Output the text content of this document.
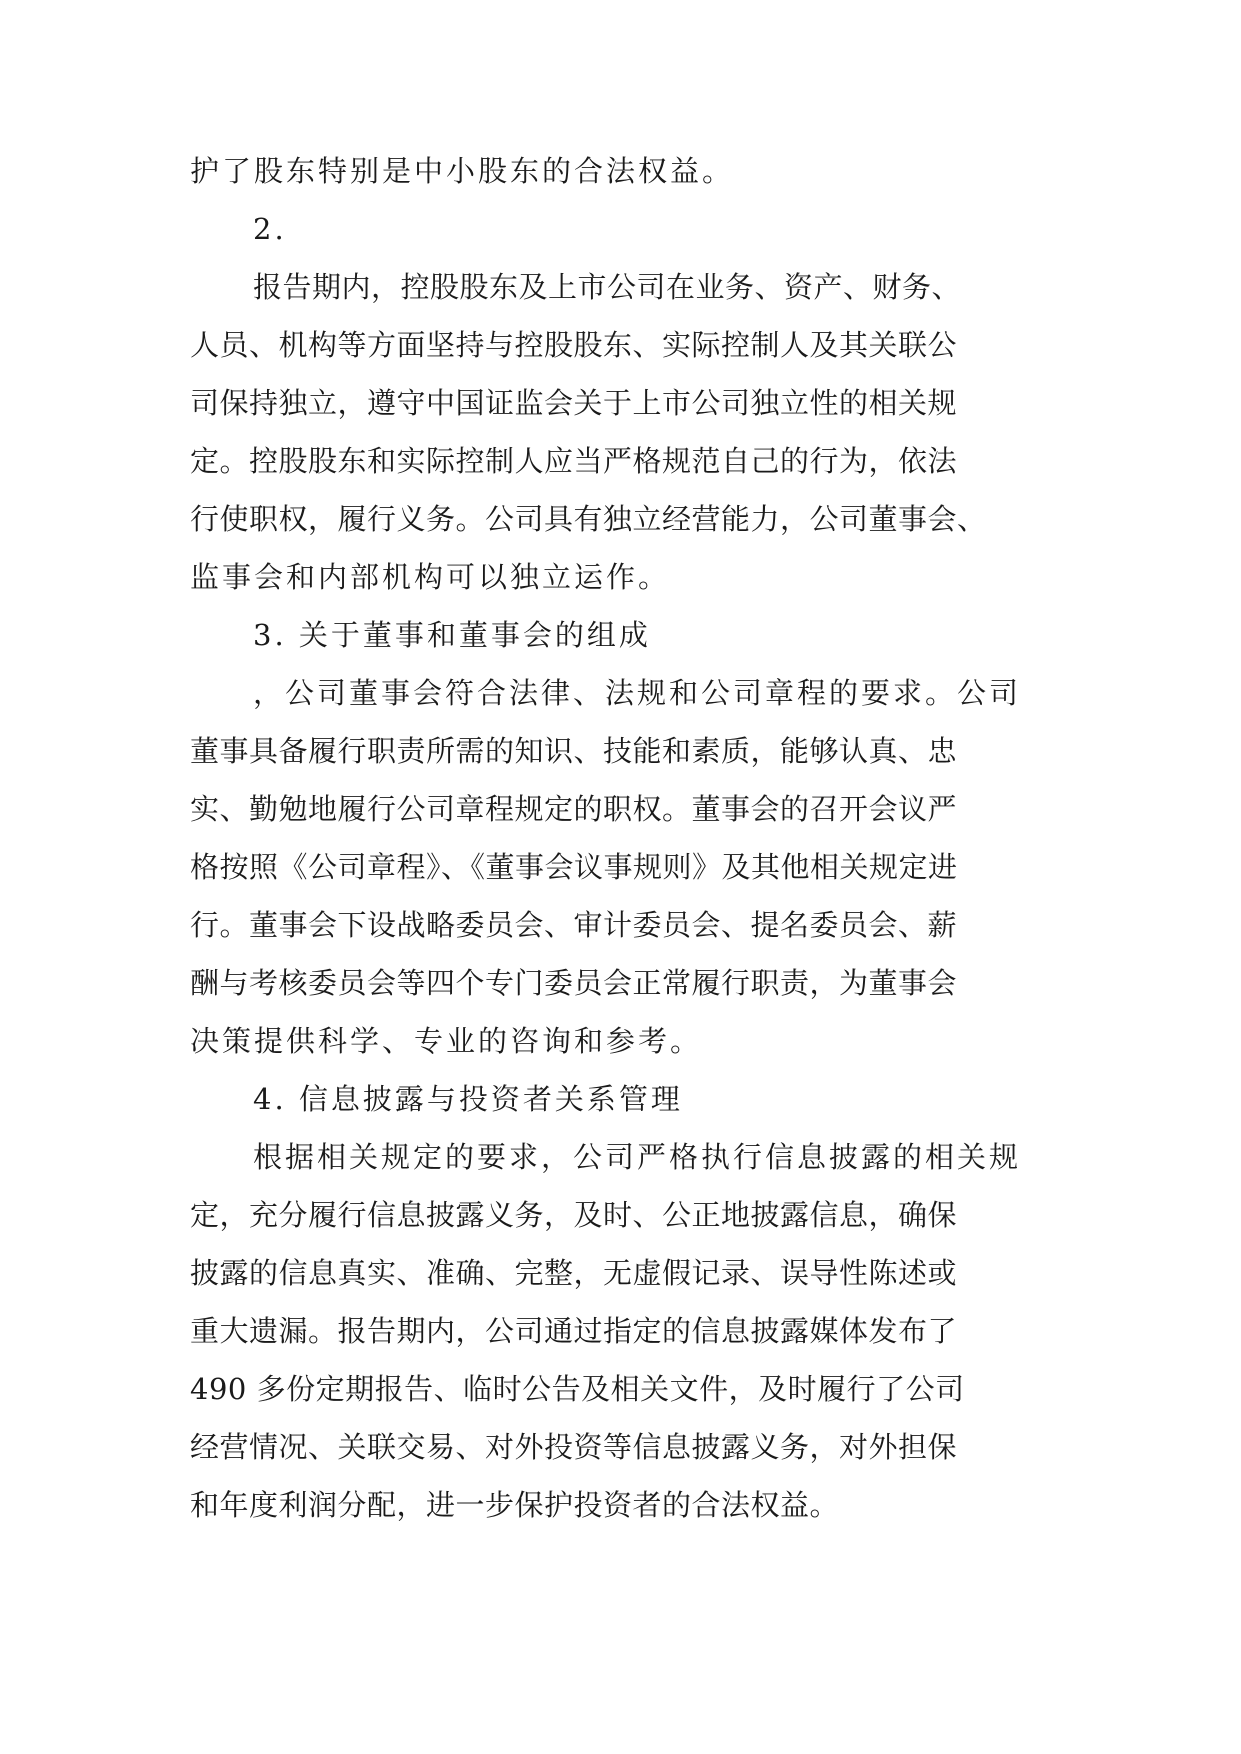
护了股东特别是中小股东的合法权益。
2.
报告期内，控股股东及上市公司在业务、资产、财务、
人员、机构等方面坚持与控股股东、实际控制人及其关联公
司保持独立，遵守中国证监会关于上市公司独立性的相关规
定。控股股东和实际控制人应当严格规范自己的行为，依法
行使职权，履行义务。公司具有独立经营能力，公司董事会、
监事会和内部机构可以独立运作。
3. 关于董事和董事会的组成
，公司董事会符合法律、法规和公司章程的要求。公司
董事具备履行职责所需的知识、技能和素质，能够认真、忠
实、勤勉地履行公司章程规定的职权。董事会的召开会议严
格按照《公司章程》、《董事会议事规则》及其他相关规定进
行。董事会下设战略委员会、审计委员会、提名委员会、薪
酬与考核委员会等四个专门委员会正常履行职责，为董事会
决策提供科学、专业的咨询和参考。
4. 信息披露与投资者关系管理
根据相关规定的要求，公司严格执行信息披露的相关规
定，充分履行信息披露义务，及时、公正地披露信息，确保
披露的信息真实、准确、完整，无虚假记录、误导性陈述或
重大遗漏。报告期内，公司通过指定的信息披露媒体发布了
490 多份定期报告、临时公告及相关文件，及时履行了公司
经营情况、关联交易、对外投资等信息披露义务，对外担保
和年度利润分配，进一步保护投资者的合法权益。
